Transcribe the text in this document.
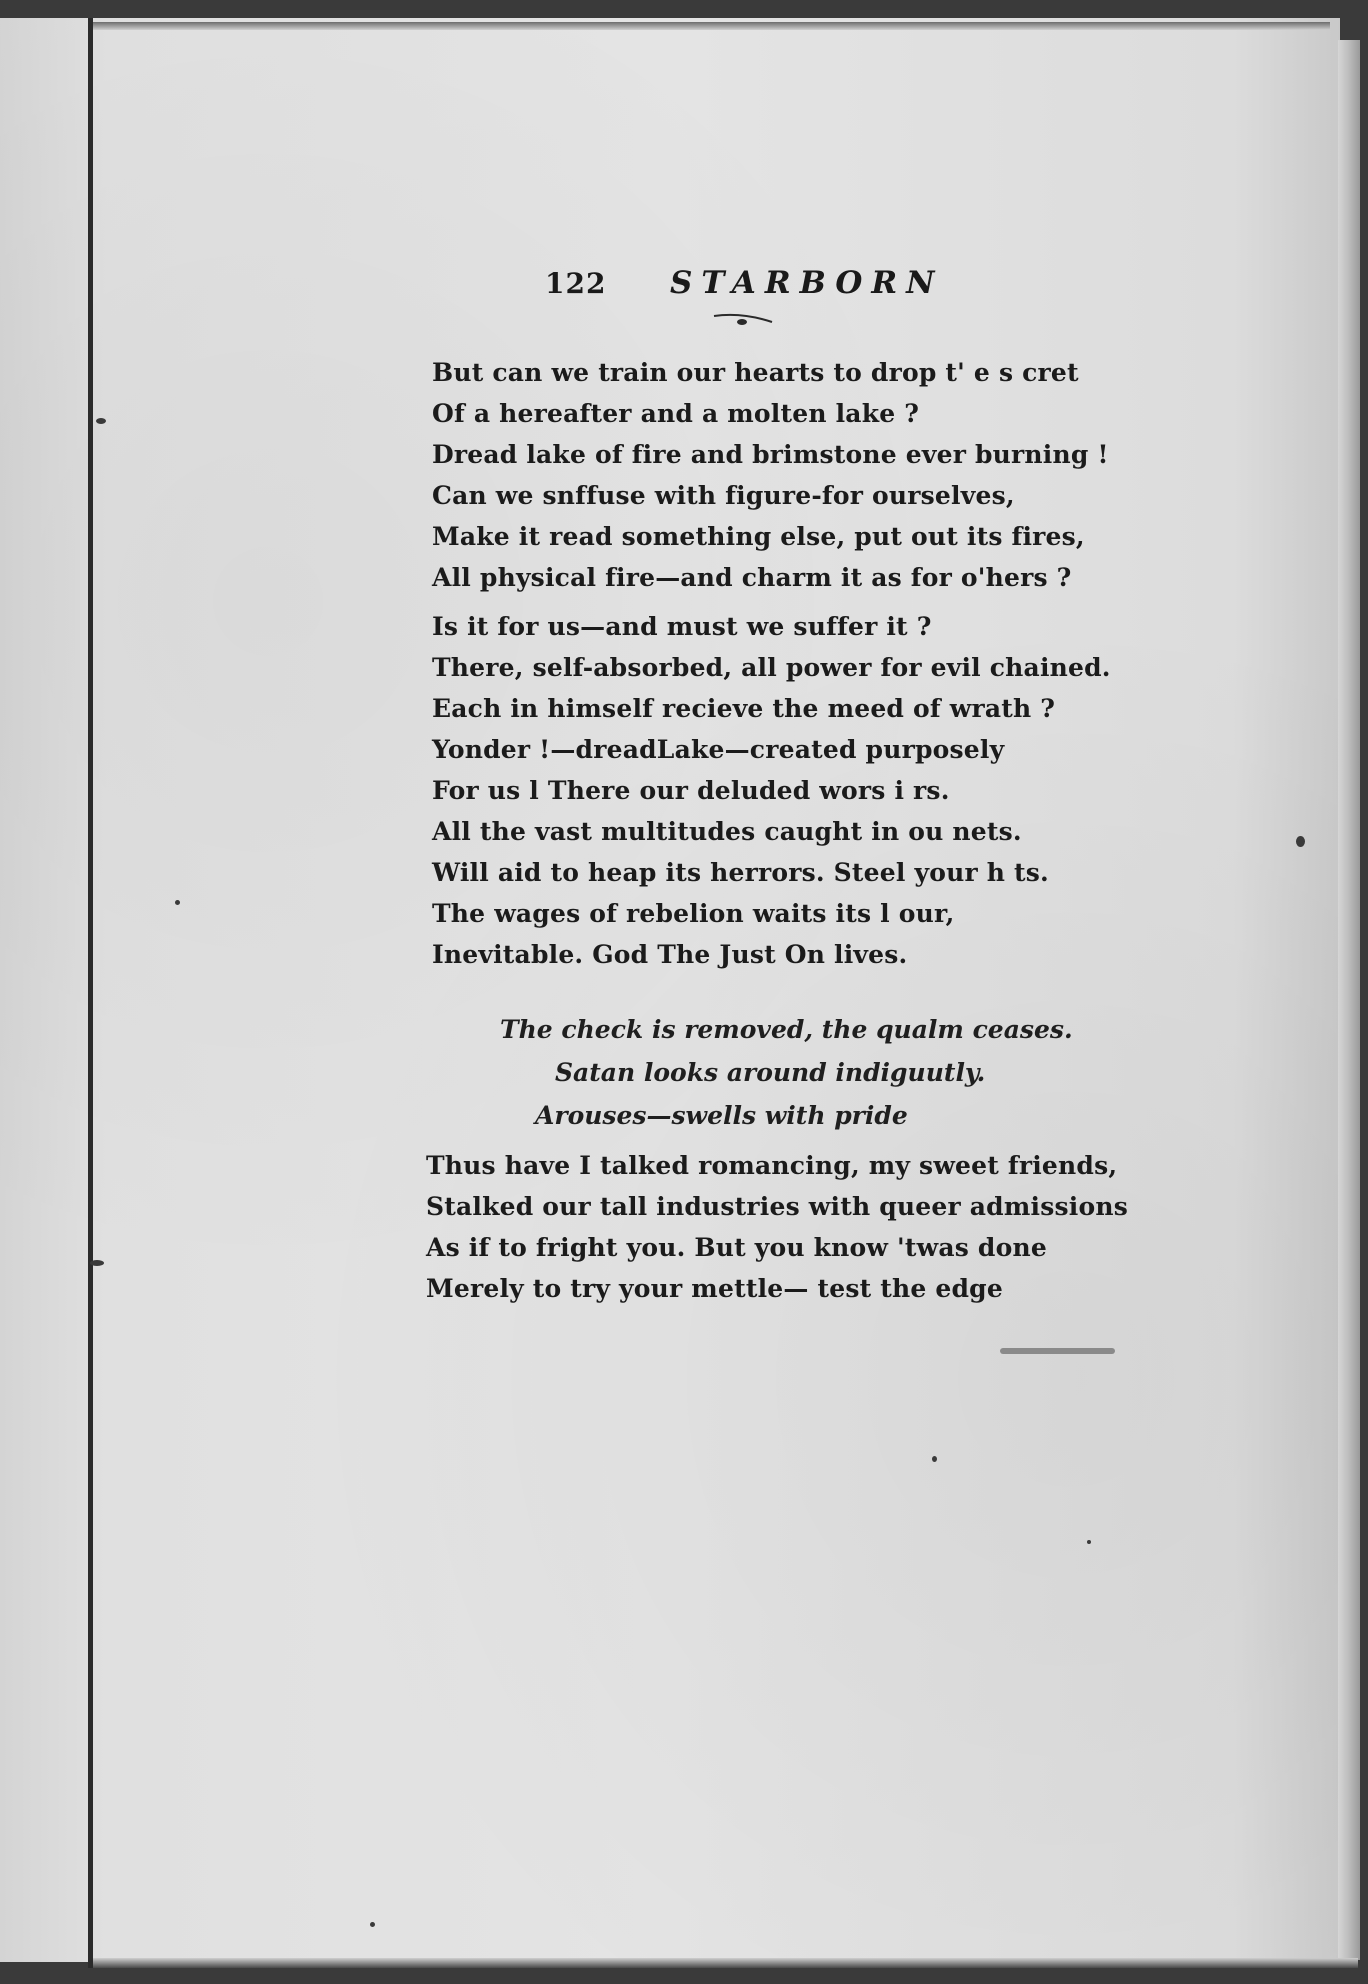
122 STARBORN
But can we train our hearts to drop t' e s cret
Of a hereafter and a molten lake ?
Dread lake of fire and brimstone ever burning !
Can we snffuse with figure-for ourselves,
Make it read something else, put out its fires,
All physical fire—and charm it as for o'hers ?
Is it for us—and must we suffer it ?
There, self-absorbed, all power for evil chained.
Each in himself recieve the meed of wrath ?
Yonder !—dreadLake—created purposely
For us l There our deluded wors i rs.
All the vast multitudes caught in ou nets.
Will aid to heap its herrors. Steel your h ts.
The wages of rebelion waits its l our,
Inevitable. God The Just On lives.
The check is removed, the qualm ceases.
Satan looks around indiguutly.
Arouses—swells with pride
Thus have I talked romancing, my sweet friends,
Stalked our tall industries with queer admissions
As if to fright you. But you know 'twas done
Merely to try your mettle— test the edge
